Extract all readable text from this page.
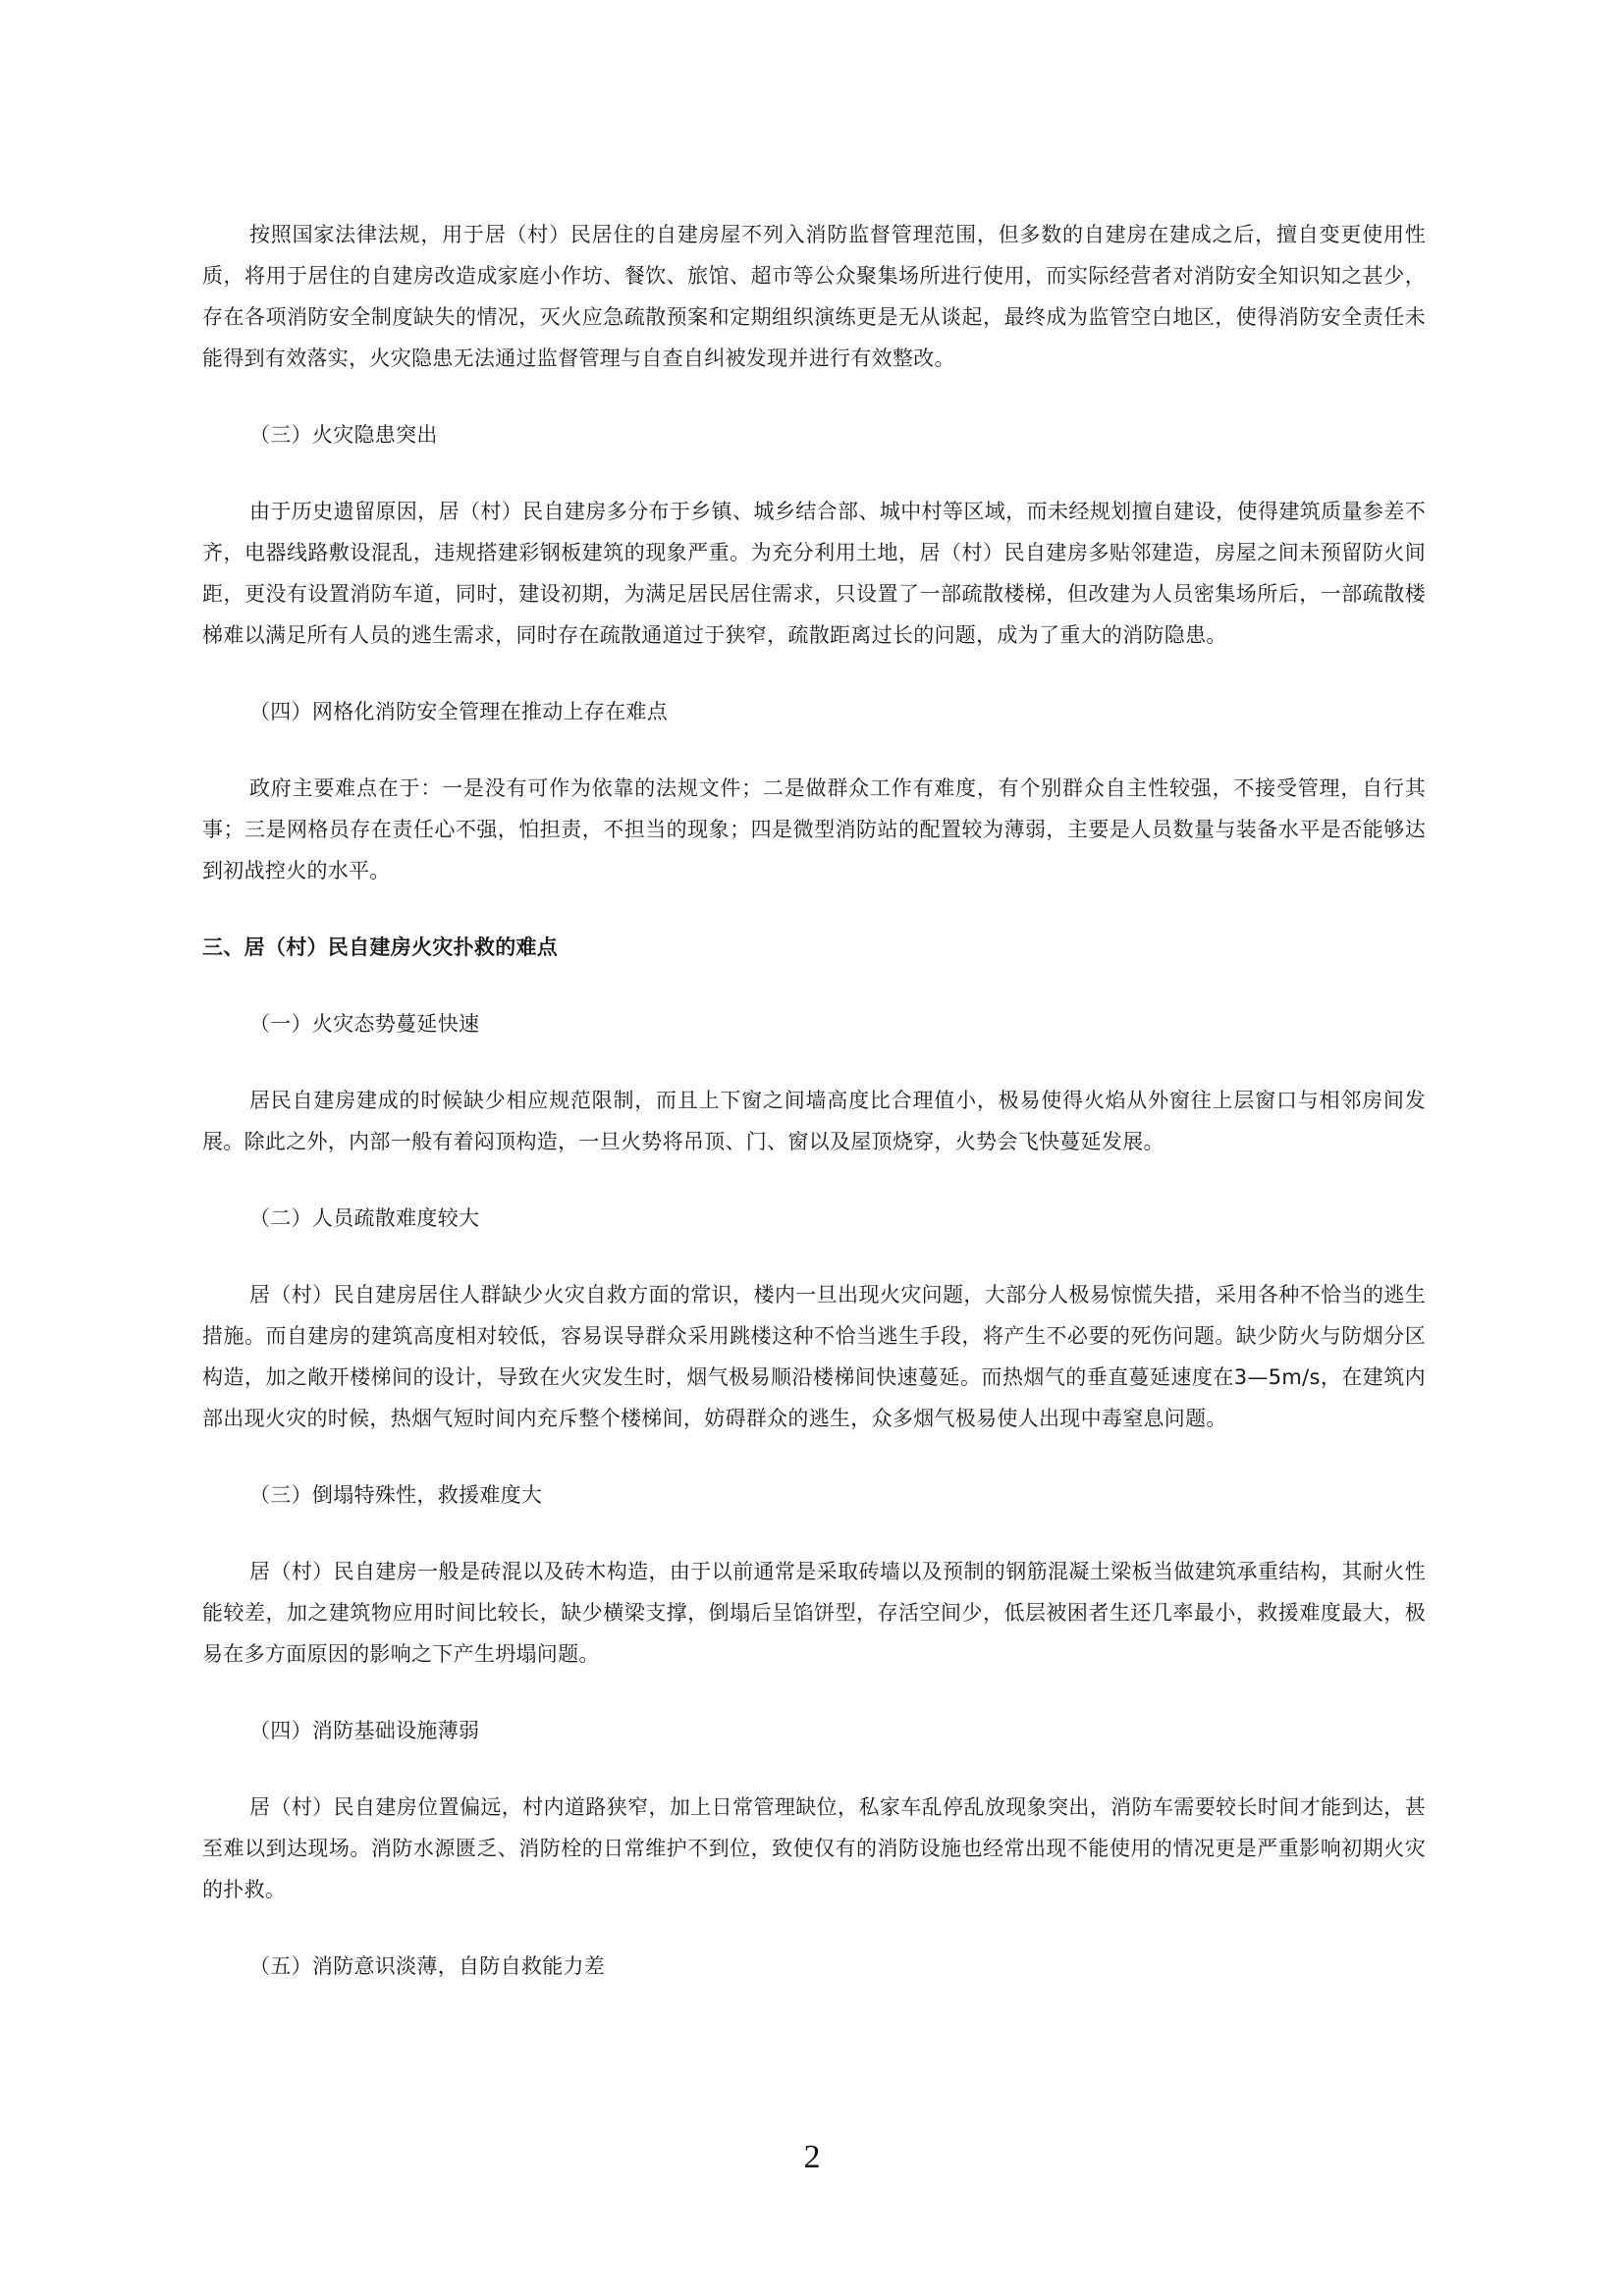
按照国家法律法规，用于居（村）民居住的自建房屋不列入消防监督管理范围，但多数的自建房在建成之后，擅自变更使用性质，将用于居住的自建房改造成家庭小作坊、餐饮、旅馆、超市等公众聚集场所进行使用，而实际经营者对消防安全知识知之甚少，存在各项消防安全制度缺失的情况，灭火应急疏散预案和定期组织演练更是无从谈起，最终成为监管空白地区，使得消防安全责任未能得到有效落实，火灾隐患无法通过监督管理与自查自纠被发现并进行有效整改。

（三）火灾隐患突出

由于历史遗留原因，居（村）民自建房多分布于乡镇、城乡结合部、城中村等区域，而未经规划擅自建设，使得建筑质量参差不齐，电器线路敷设混乱，违规搭建彩钢板建筑的现象严重。为充分利用土地，居（村）民自建房多贴邻建造，房屋之间未预留防火间距，更没有设置消防车道，同时，建设初期，为满足居民居住需求，只设置了一部疏散楼梯，但改建为人员密集场所后，一部疏散楼梯难以满足所有人员的逃生需求，同时存在疏散通道过于狭窄，疏散距离过长的问题，成为了重大的消防隐患。

（四）网格化消防安全管理在推动上存在难点

政府主要难点在于：一是没有可作为依靠的法规文件；二是做群众工作有难度，有个别群众自主性较强，不接受管理，自行其事；三是网格员存在责任心不强，怕担责，不担当的现象；四是微型消防站的配置较为薄弱，主要是人员数量与装备水平是否能够达到初战控火的水平。

三、居（村）民自建房火灾扑救的难点
（一）火灾态势蔓延快速

居民自建房建成的时候缺少相应规范限制，而且上下窗之间墙高度比合理值小，极易使得火焰从外窗往上层窗口与相邻房间发展。除此之外，内部一般有着闷顶构造，一旦火势将吊顶、门、窗以及屋顶烧穿，火势会飞快蔓延发展。

（二）人员疏散难度较大

居（村）民自建房居住人群缺少火灾自救方面的常识，楼内一旦出现火灾问题，大部分人极易惊慌失措，采用各种不恰当的逃生措施。而自建房的建筑高度相对较低，容易误导群众采用跳楼这种不恰当逃生手段，将产生不必要的死伤问题。缺少防火与防烟分区构造，加之敞开楼梯间的设计，导致在火灾发生时，烟气极易顺沿楼梯间快速蔓延。而热烟气的垂直蔓延速度在3—5m/s，在建筑内部出现火灾的时候，热烟气短时间内充斥整个楼梯间，妨碍群众的逃生，众多烟气极易使人出现中毒窒息问题。

（三）倒塌特殊性，救援难度大

居（村）民自建房一般是砖混以及砖木构造，由于以前通常是采取砖墙以及预制的钢筋混凝土梁板当做建筑承重结构，其耐火性能较差，加之建筑物应用时间比较长，缺少横梁支撑，倒塌后呈馅饼型，存活空间少，低层被困者生还几率最小，救援难度最大，极易在多方面原因的影响之下产生坍塌问题。

（四）消防基础设施薄弱

居（村）民自建房位置偏远，村内道路狭窄，加上日常管理缺位，私家车乱停乱放现象突出，消防车需要较长时间才能到达，甚至难以到达现场。消防水源匮乏、消防栓的日常维护不到位，致使仅有的消防设施也经常出现不能使用的情况更是严重影响初期火灾的扑救。

（五）消防意识淡薄，自防自救能力差
2
